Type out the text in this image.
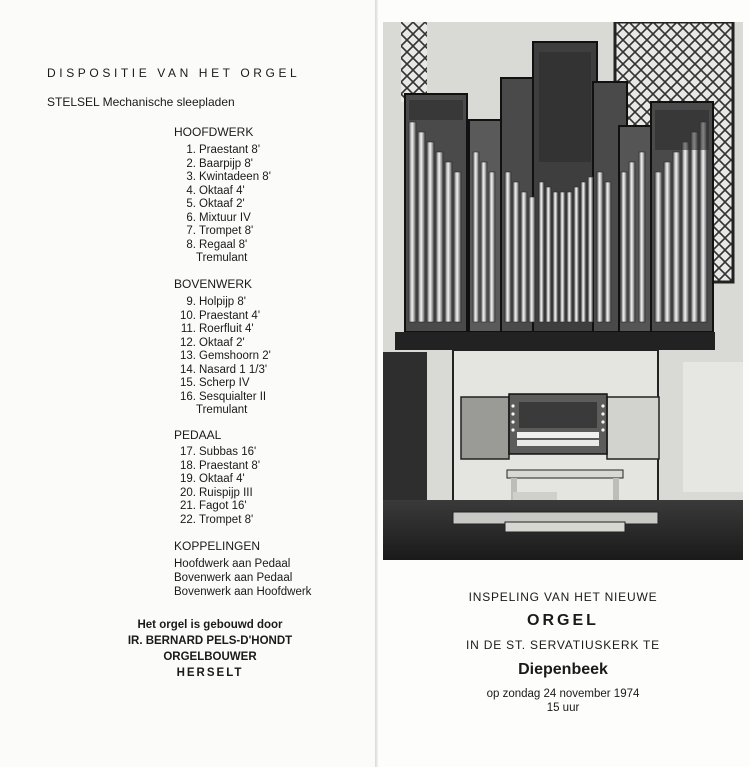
DISPOSITIE VAN HET ORGEL
STELSEL Mechanische sleepladen
HOOFDWERK
1. Praestant 8'
2. Baarpijp 8'
3. Kwintadeen 8'
4. Oktaaf 4'
5. Oktaaf 2'
6. Mixtuur IV
7. Trompet 8'
8. Regaal 8'
Tremulant
BOVENWERK
9. Holpijp 8'
10. Praestant 4'
11. Roerfluit 4'
12. Oktaaf 2'
13. Gemshoorn 2'
14. Nasard 1 1/3'
15. Scherp IV
16. Sesquialter II
Tremulant
PEDAAL
17. Subbas 16'
18. Praestant 8'
19. Oktaaf 4'
20. Ruispijp III
21. Fagot 16'
22. Trompet 8'
KOPPELINGEN
Hoofdwerk aan Pedaal
Bovenwerk aan Pedaal
Bovenwerk aan Hoofdwerk
Het orgel is gebouwd door
IR. BERNARD PELS-D'HONDT
ORGELBOUWER
HERSELT
INSPELING VAN HET NIEUWE
ORGEL
IN DE ST. SERVATIUSKERK TE
Diepenbeek
op zondag 24 november 1974
15 uur
